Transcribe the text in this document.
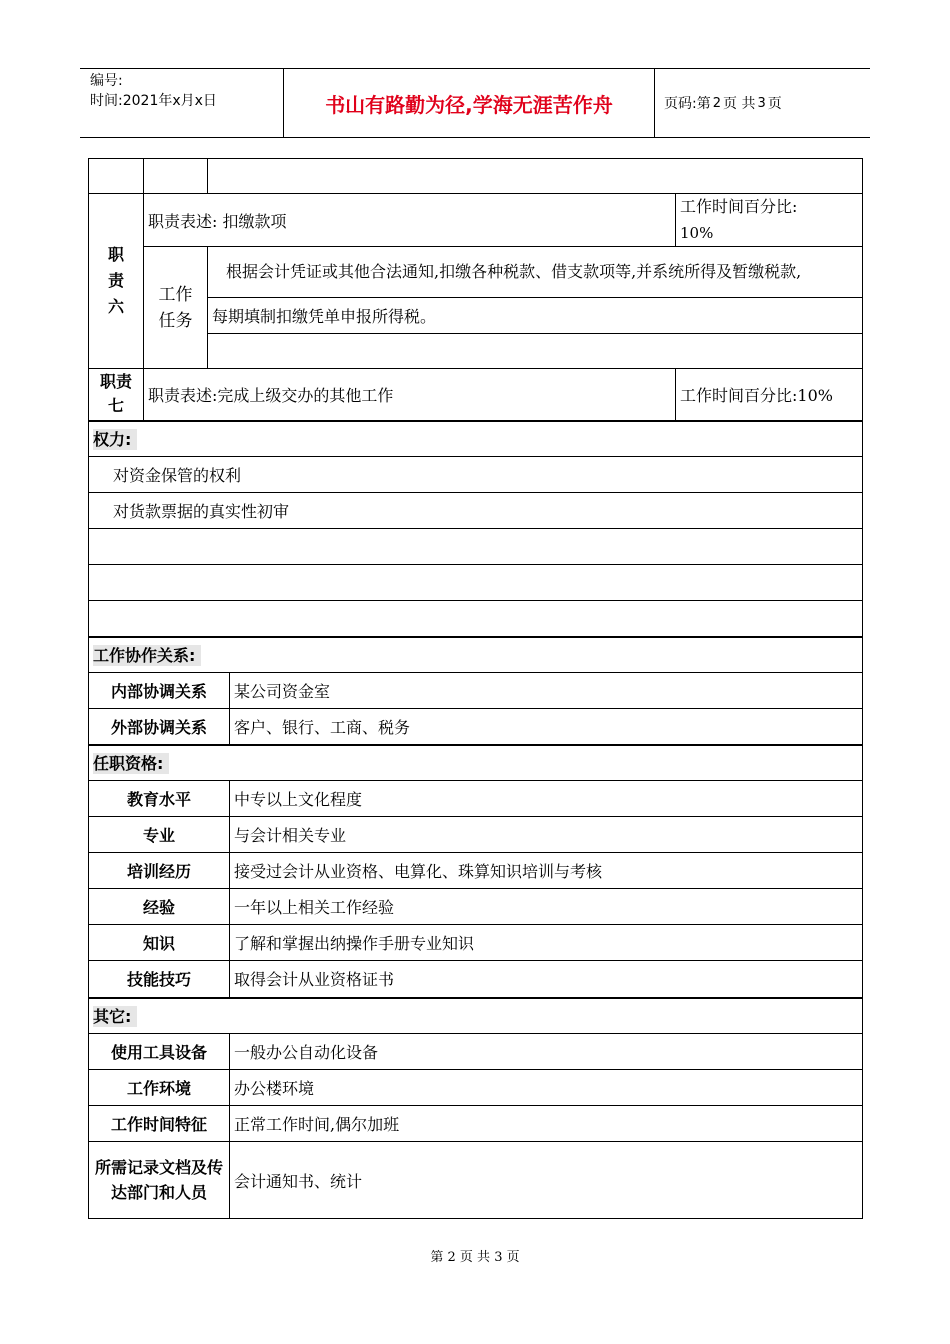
编号:
时间:2021年x月x日	书山有路勤为径,学海无涯苦作舟	页码:第 2 页 共 3 页

职责六	职责表述: 扣缴款项			工作时间百分比:
10%

	工作任务	根据会计凭证或其他合法通知,扣缴各种税款、借支款项等,并系统所得及暂缴税款,		
		每期填制扣缴凭单申报所得税。		

职责七	职责表述:完成上级交办的其他工作			工作时间百分比:10%
权力:				
对资金保管的权利				
对货款票据的真实性初审				

工作协作关系:				
内部协调关系			某公司资金室	
外部协调关系			客户、银行、工商、税务	
任职资格:				
教育水平			中专以上文化程度	
专业			与会计相关专业	
培训经历			接受过会计从业资格、电算化、珠算知识培训与考核	
经验			一年以上相关工作经验	
知识			了解和掌握出纳操作手册专业知识	
技能技巧			取得会计从业资格证书	
其它:				
使用工具设备			一般办公自动化设备	
工作环境			办公楼环境	
工作时间特征			正常工作时间,偶尔加班	
所需记录文档及传达部门和人员			会计通知书、统计	
第 2 页 共 3 页
